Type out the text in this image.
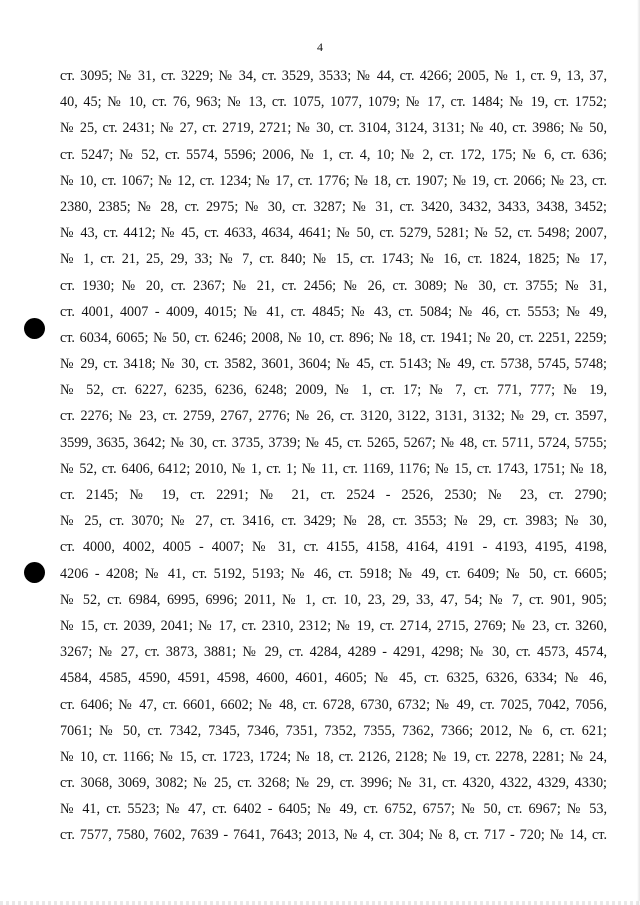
4
ст. 3095; № 31, ст. 3229; № 34, ст. 3529, 3533; № 44, ст. 4266; 2005, № 1, ст. 9, 13, 37,
40, 45; № 10, ст. 76, 963; № 13, ст. 1075, 1077, 1079; № 17, ст. 1484; № 19, ст. 1752;
№ 25, ст. 2431; № 27, ст. 2719, 2721; № 30, ст. 3104, 3124, 3131; № 40, ст. 3986; № 50,
ст. 5247; № 52, ст. 5574, 5596; 2006, № 1, ст. 4, 10; № 2, ст. 172, 175; № 6, ст. 636;
№ 10, ст. 1067; № 12, ст. 1234; № 17, ст. 1776; № 18, ст. 1907; № 19, ст. 2066; № 23, ст.
2380, 2385; № 28, ст. 2975; № 30, ст. 3287; № 31, ст. 3420, 3432, 3433, 3438, 3452;
№ 43, ст. 4412; № 45, ст. 4633, 4634, 4641; № 50, ст. 5279, 5281; № 52, ст. 5498; 2007,
№ 1, ст. 21, 25, 29, 33; № 7, ст. 840; № 15, ст. 1743; № 16, ст. 1824, 1825; № 17,
ст. 1930; № 20, ст. 2367; № 21, ст. 2456; № 26, ст. 3089; № 30, ст. 3755; № 31,
ст. 4001, 4007 - 4009, 4015; № 41, ст. 4845; № 43, ст. 5084; № 46, ст. 5553; № 49,
ст. 6034, 6065; № 50, ст. 6246; 2008, № 10, ст. 896; № 18, ст. 1941; № 20, ст. 2251, 2259;
№ 29, ст. 3418; № 30, ст. 3582, 3601, 3604; № 45, ст. 5143; № 49, ст. 5738, 5745, 5748;
№ 52, ст. 6227, 6235, 6236, 6248; 2009, № 1, ст. 17; № 7, ст. 771, 777; № 19,
ст. 2276; № 23, ст. 2759, 2767, 2776; № 26, ст. 3120, 3122, 3131, 3132; № 29, ст. 3597,
3599, 3635, 3642; № 30, ст. 3735, 3739; № 45, ст. 5265, 5267; № 48, ст. 5711, 5724, 5755;
№ 52, ст. 6406, 6412; 2010, № 1, ст. 1; № 11, ст. 1169, 1176; № 15, ст. 1743, 1751; № 18,
ст. 2145; № 19, ст. 2291; № 21, ст. 2524 - 2526, 2530; № 23, ст. 2790;
№ 25, ст. 3070; № 27, ст. 3416, ст. 3429; № 28, ст. 3553; № 29, ст. 3983; № 30,
ст. 4000, 4002, 4005 - 4007; № 31, ст. 4155, 4158, 4164, 4191 - 4193, 4195, 4198,
4206 - 4208; № 41, ст. 5192, 5193; № 46, ст. 5918; № 49, ст. 6409; № 50, ст. 6605;
№ 52, ст. 6984, 6995, 6996; 2011, № 1, ст. 10, 23, 29, 33, 47, 54; № 7, ст. 901, 905;
№ 15, ст. 2039, 2041; № 17, ст. 2310, 2312; № 19, ст. 2714, 2715, 2769; № 23, ст. 3260,
3267; № 27, ст. 3873, 3881; № 29, ст. 4284, 4289 - 4291, 4298; № 30, ст. 4573, 4574,
4584, 4585, 4590, 4591, 4598, 4600, 4601, 4605; № 45, ст. 6325, 6326, 6334; № 46,
ст. 6406; № 47, ст. 6601, 6602; № 48, ст. 6728, 6730, 6732; № 49, ст. 7025, 7042, 7056,
7061; № 50, ст. 7342, 7345, 7346, 7351, 7352, 7355, 7362, 7366; 2012, № 6, ст. 621;
№ 10, ст. 1166; № 15, ст. 1723, 1724; № 18, ст. 2126, 2128; № 19, ст. 2278, 2281; № 24,
ст. 3068, 3069, 3082; № 25, ст. 3268; № 29, ст. 3996; № 31, ст. 4320, 4322, 4329, 4330;
№ 41, ст. 5523; № 47, ст. 6402 - 6405; № 49, ст. 6752, 6757; № 50, ст. 6967; № 53,
ст. 7577, 7580, 7602, 7639 - 7641, 7643; 2013, № 4, ст. 304; № 8, ст. 717 - 720; № 14, ст.
